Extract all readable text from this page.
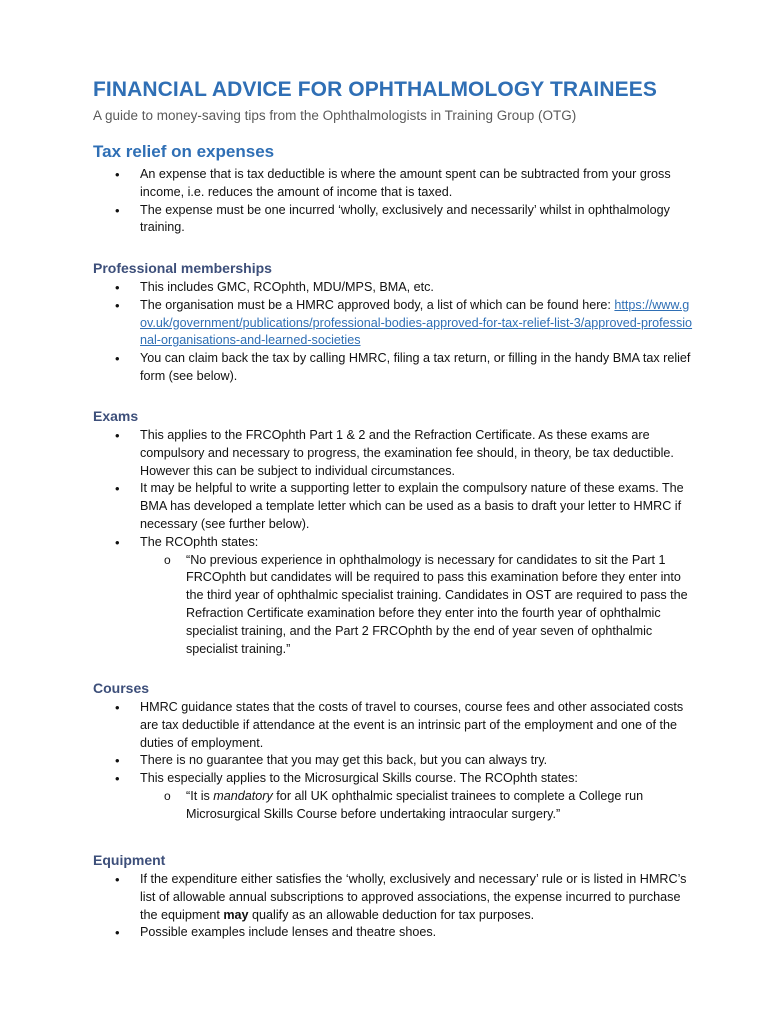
FINANCIAL ADVICE FOR OPHTHALMOLOGY TRAINEES

A guide to money-saving tips from the Ophthalmologists in Training Group (OTG)

Tax relief on expenses
• An expense that is tax deductible is where the amount spent can be subtracted from your gross income, i.e. reduces the amount of income that is taxed.
• The expense must be one incurred ‘wholly, exclusively and necessarily’ whilst in ophthalmology training.
Professional memberships
• This includes GMC, RCOphth, MDU/MPS, BMA, etc.
• The organisation must be a HMRC approved body, a list of which can be found here: https://www.gov.uk/government/publications/professional-bodies-approved-for-tax-relief-list-3/approved-professional-organisations-and-learned-societies
• You can claim back the tax by calling HMRC, filing a tax return, or filling in the handy BMA tax relief form (see below).
Exams
• This applies to the FRCOphth Part 1 & 2 and the Refraction Certificate. As these exams are compulsory and necessary to progress, the examination fee should, in theory, be tax deductible. However this can be subject to individual circumstances.
• It may be helpful to write a supporting letter to explain the compulsory nature of these exams. The BMA has developed a template letter which can be used as a basis to draft your letter to HMRC if necessary (see further below).
• The RCOphth states:
o “No previous experience in ophthalmology is necessary for candidates to sit the Part 1 FRCOphth but candidates will be required to pass this examination before they enter into the third year of ophthalmic specialist training. Candidates in OST are required to pass the Refraction Certificate examination before they enter into the fourth year of ophthalmic specialist training, and the Part 2 FRCOphth by the end of year seven of ophthalmic specialist training.”
Courses
• HMRC guidance states that the costs of travel to courses, course fees and other associated costs are tax deductible if attendance at the event is an intrinsic part of the employment and one of the duties of employment.
• There is no guarantee that you may get this back, but you can always try.
• This especially applies to the Microsurgical Skills course. The RCOphth states:
o “It is mandatory for all UK ophthalmic specialist trainees to complete a College run Microsurgical Skills Course before undertaking intraocular surgery.”
Equipment
• If the expenditure either satisfies the ‘wholly, exclusively and necessary’ rule or is listed in HMRC’s list of allowable annual subscriptions to approved associations, the expense incurred to purchase the equipment may qualify as an allowable deduction for tax purposes.
• Possible examples include lenses and theatre shoes.
